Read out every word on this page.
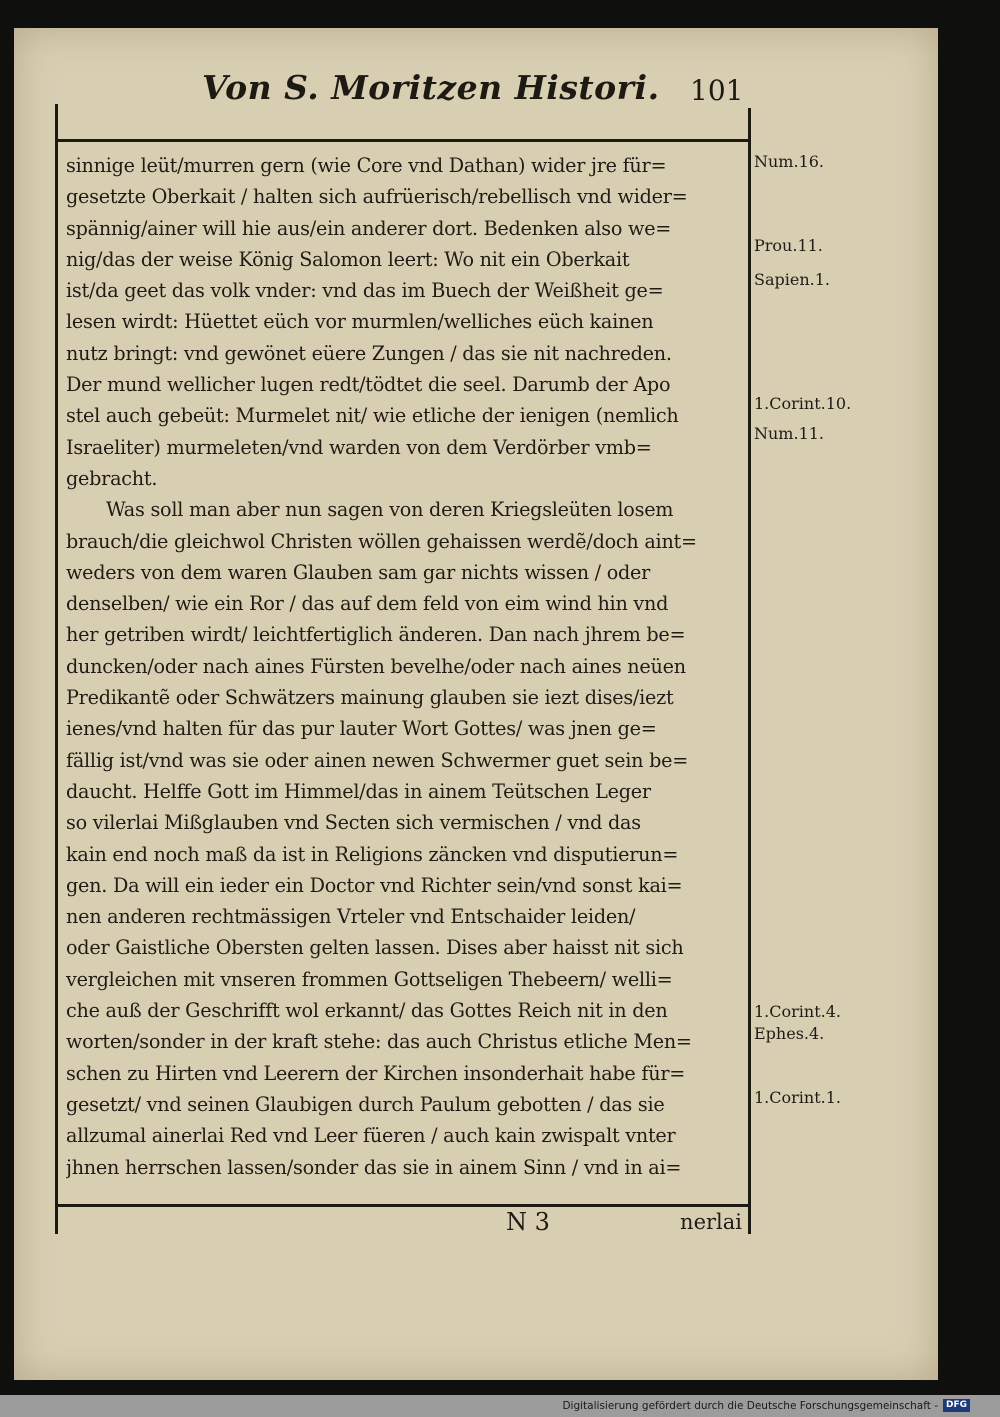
Von S. Moritzen Histori. 101
sinnige leüt/murren gern (wie Core vnd Dathan) wider jre für=
gesetzte Oberkait / halten sich aufrüerisch/rebellisch vnd wider=
spännig/ainer will hie aus/ein anderer dort. Bedenken also we=
nig/das der weise König Salomon leert: Wo nit ein Oberkait
ist/da geet das volk vnder: vnd das im Buech der Weißheit ge=
lesen wirdt: Hüettet eüch vor murmlen/welliches eüch kainen
nutz bringt: vnd gewönet eüere Zungen / das sie nit nachreden.
Der mund wellicher lugen redt/tödtet die seel. Darumb der Apo
stel auch gebeüt: Murmelet nit/ wie etliche der ienigen (nemlich
Israeliter) murmeleten/vnd warden von dem Verdörber vmb=
gebracht.
Was soll man aber nun sagen von deren Kriegsleüten losem
brauch/die gleichwol Christen wöllen gehaissen werdẽ/doch aint=
weders von dem waren Glauben sam gar nichts wissen / oder
denselben/ wie ein Ror / das auf dem feld von eim wind hin vnd
her getriben wirdt/ leichtfertiglich änderen. Dan nach jhrem be=
duncken/oder nach aines Fürsten bevelhe/oder nach aines neüen
Predikantẽ oder Schwätzers mainung glauben sie iezt dises/iezt
ienes/vnd halten für das pur lauter Wort Gottes/ was jnen ge=
fällig ist/vnd was sie oder ainen newen Schwermer guet sein be=
daucht. Helffe Gott im Himmel/das in ainem Teütschen Leger
so vilerlai Mißglauben vnd Secten sich vermischen / vnd das
kain end noch maß da ist in Religions zäncken vnd disputierun=
gen. Da will ein ieder ein Doctor vnd Richter sein/vnd sonst kai=
nen anderen rechtmässigen Vrteler vnd Entschaider leiden/
oder Gaistliche Obersten gelten lassen. Dises aber haisst nit sich
vergleichen mit vnseren frommen Gottseligen Thebeern/ welli=
che auß der Geschrifft wol erkannt/ das Gottes Reich nit in den
worten/sonder in der kraft stehe: das auch Christus etliche Men=
schen zu Hirten vnd Leerern der Kirchen insonderhait habe für=
gesetzt/ vnd seinen Glaubigen durch Paulum gebotten / das sie
allzumal ainerlai Red vnd Leer füeren / auch kain zwispalt vnter
jhnen herrschen lassen/sonder das sie in ainem Sinn / vnd in ai=
Num.16.
Prou.11.
Sapien.1.
1.Corint.10.
Num.11.
1.Corint.4.
Ephes.4.
1.Corint.1.
N 3	nerlai
Digitalisierung gefördert durch die Deutsche Forschungsgemeinschaft - DFG
